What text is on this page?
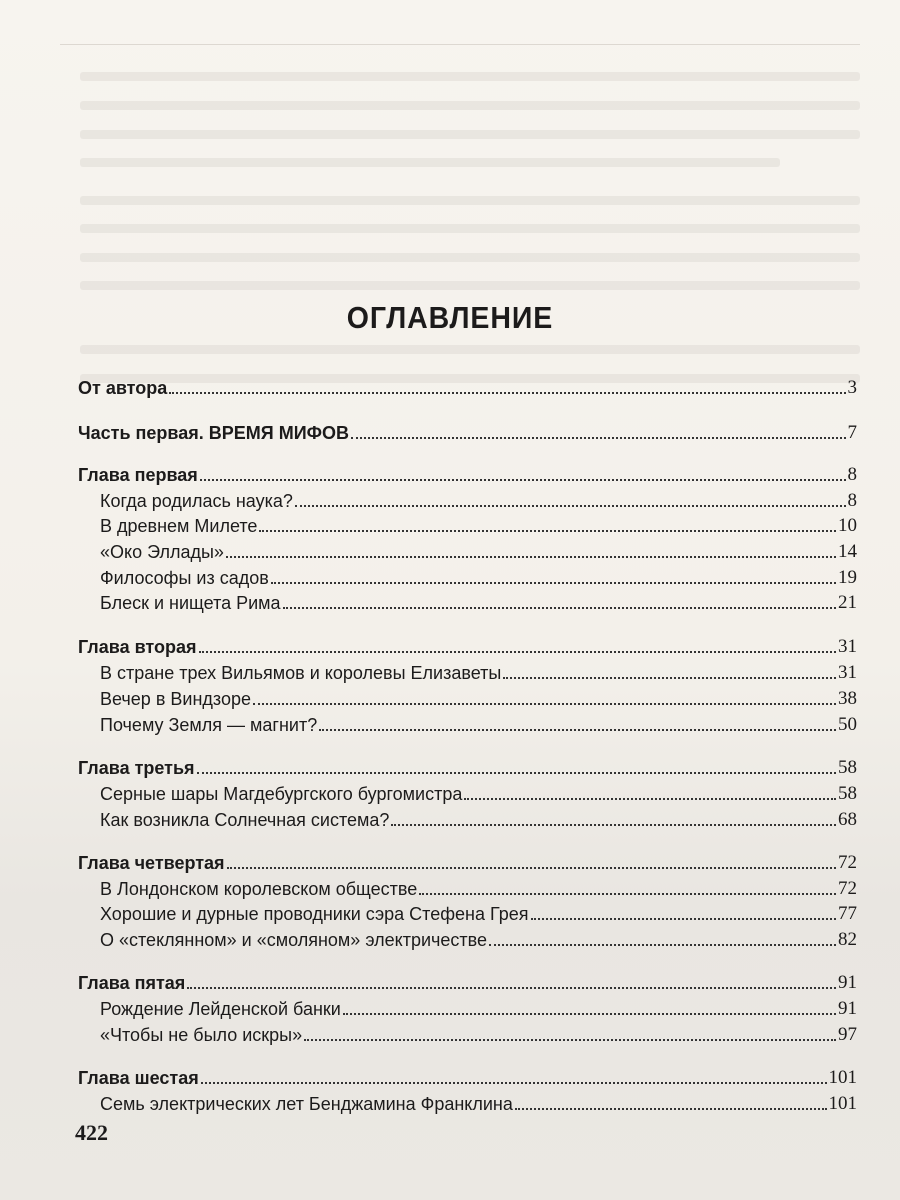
ОГЛАВЛЕНИЕ
От автора	3
Часть первая. ВРЕМЯ МИФОВ	7
Глава первая	8
Когда родилась наука?	8
В древнем Милете	10
«Око Эллады»	14
Философы из садов	19
Блеск и нищета Рима	21
Глава вторая	31
В стране трех Вильямов и королевы Елизаветы	31
Вечер в Виндзоре	38
Почему Земля — магнит?	50
Глава третья	58
Серные шары Магдебургского бургомистра	58
Как возникла Солнечная система?	68
Глава четвертая	72
В Лондонском королевском обществе	72
Хорошие и дурные проводники сэра Стефена Грея	77
О «стеклянном» и «смоляном» электричестве	82
Глава пятая	91
Рождение Лейденской банки	91
«Чтобы не было искры»	97
Глава шестая	101
Семь электрических лет Бенджамина Франклина	101
422
